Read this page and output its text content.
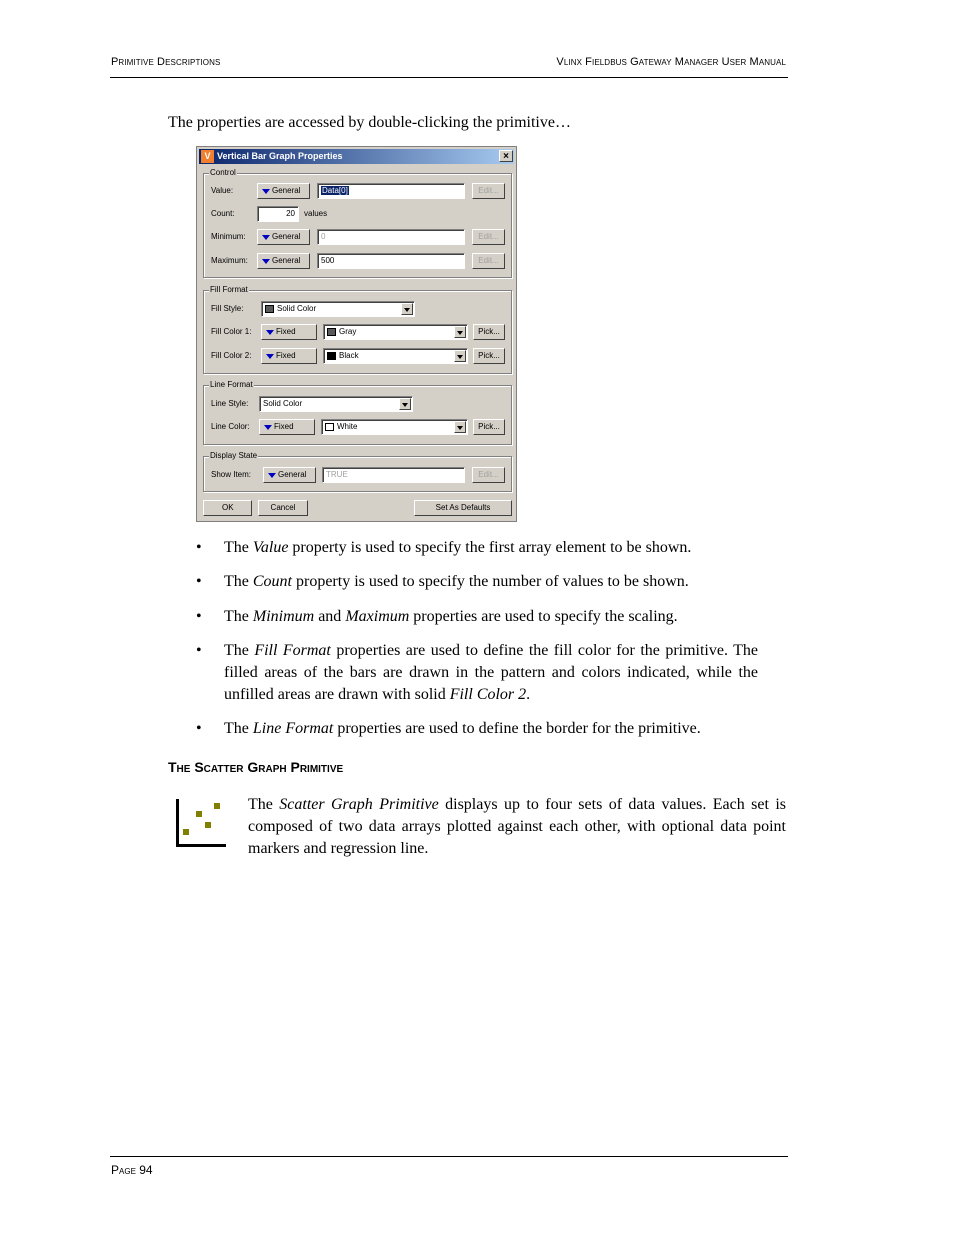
Primitive Descriptions	Vlinx Fieldbus Gateway Manager User Manual
The properties are accessed by double-clicking the primitive…
V Vertical Bar Graph Properties	×
Control
Value:	General	Data[0]	Edit...
Count:	20	values
Minimum:	General	0	Edit...
Maximum:	General	500	Edit...
Fill Format
Fill Style:	Solid Color
Fill Color 1:	Fixed	Gray	Pick...
Fill Color 2:	Fixed	Black	Pick...
Line Format
Line Style: Solid Color
Line Color:	Fixed	White	Pick...
Display State
Show Item:	General	TRUE	Edit...
OK	Cancel	Set As Defaults
• The Value property is used to specify the first array element to be shown.
• The Count property is used to specify the number of values to be shown.
• The Minimum and Maximum properties are used to specify the scaling.
• The Fill Format properties are used to define the fill color for the primitive. The filled areas of the bars are drawn in the pattern and colors indicated, while the unfilled areas are drawn with solid Fill Color 2.
• The Line Format properties are used to define the border for the primitive.
The Scatter Graph Primitive
The Scatter Graph Primitive displays up to four sets of data values. Each set is composed of two data arrays plotted against each other, with optional data point markers and regression line.
Page 94
